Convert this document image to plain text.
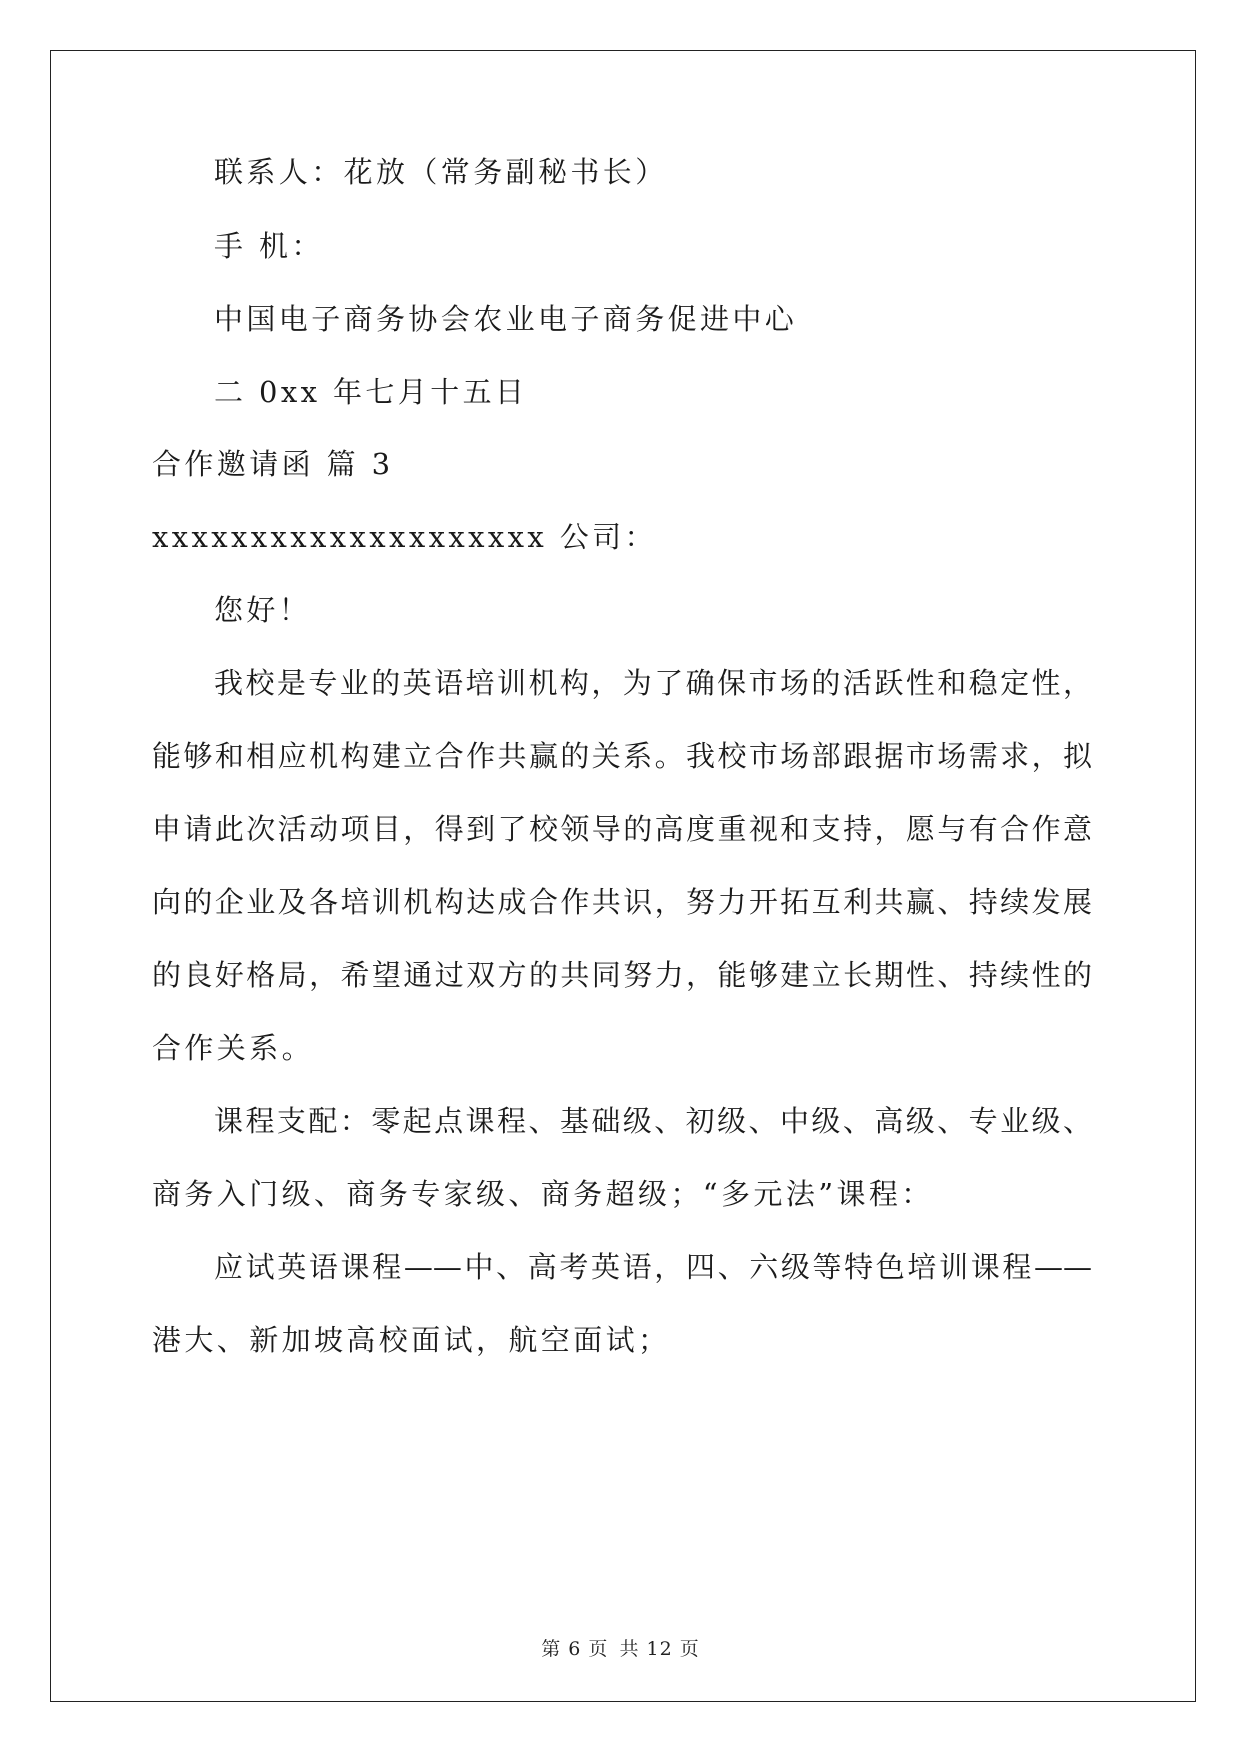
联系人：花放（常务副秘书长）
手 机：
中国电子商务协会农业电子商务促进中心
二 0xx 年七月十五日
合作邀请函 篇 3
xxxxxxxxxxxxxxxxxxxx 公司：
您好！
我校是专业的英语培训机构，为了确保市场的活跃性和稳定性，
能够和相应机构建立合作共赢的关系。我校市场部跟据市场需求，拟
申请此次活动项目，得到了校领导的高度重视和支持，愿与有合作意
向的企业及各培训机构达成合作共识，努力开拓互利共赢、持续发展
的良好格局，希望通过双方的共同努力，能够建立长期性、持续性的
合作关系。
课程支配：零起点课程、基础级、初级、中级、高级、专业级、
商务入门级、商务专家级、商务超级；“多元法”课程：
应试英语课程——中、高考英语，四、六级等特色培训课程——
港大、新加坡高校面试，航空面试；
第 6 页 共 12 页
